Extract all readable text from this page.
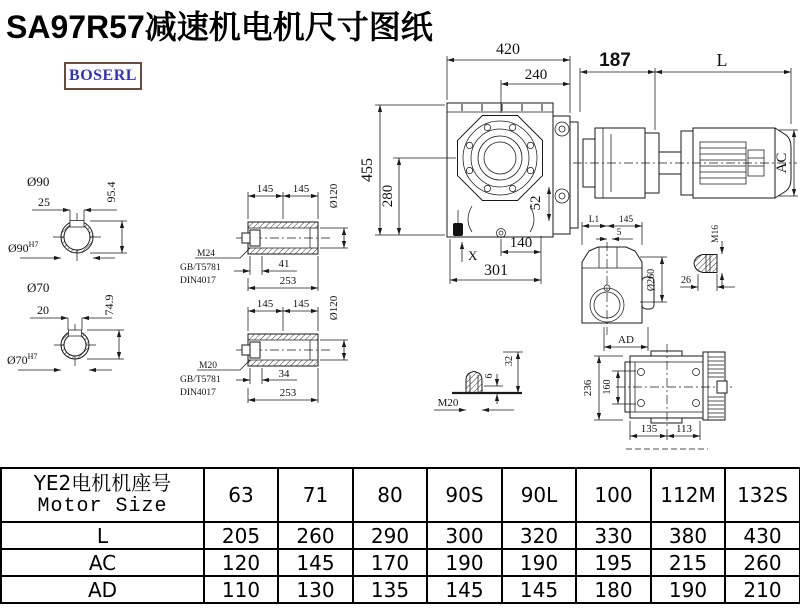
SA97R57减速机电机尺寸图纸
BOSERL
420
240
455
280	52
X
140
301
187	L
AC
Ø90
25	95.4
$Ø90^{H7}$
Ø70
20	74.9
$Ø70^{H7}$
145 145 Ø120
M24
GB/T5781
DIN4017
41
253
145 145 Ø120
M20
GB/T5781
DIN4017
34
253
L1 145
5
Ø260
AD
M16
26
M20
6
32
236 160
135 113
YE2电机机座号
Motor Size	63	71	80	90S	90L	100	112M	132S
L	205	260	290	300	320	330	380	430
AC	120	145	170	190	190	195	215	260
AD	110	130	135	145	145	180	190	210
